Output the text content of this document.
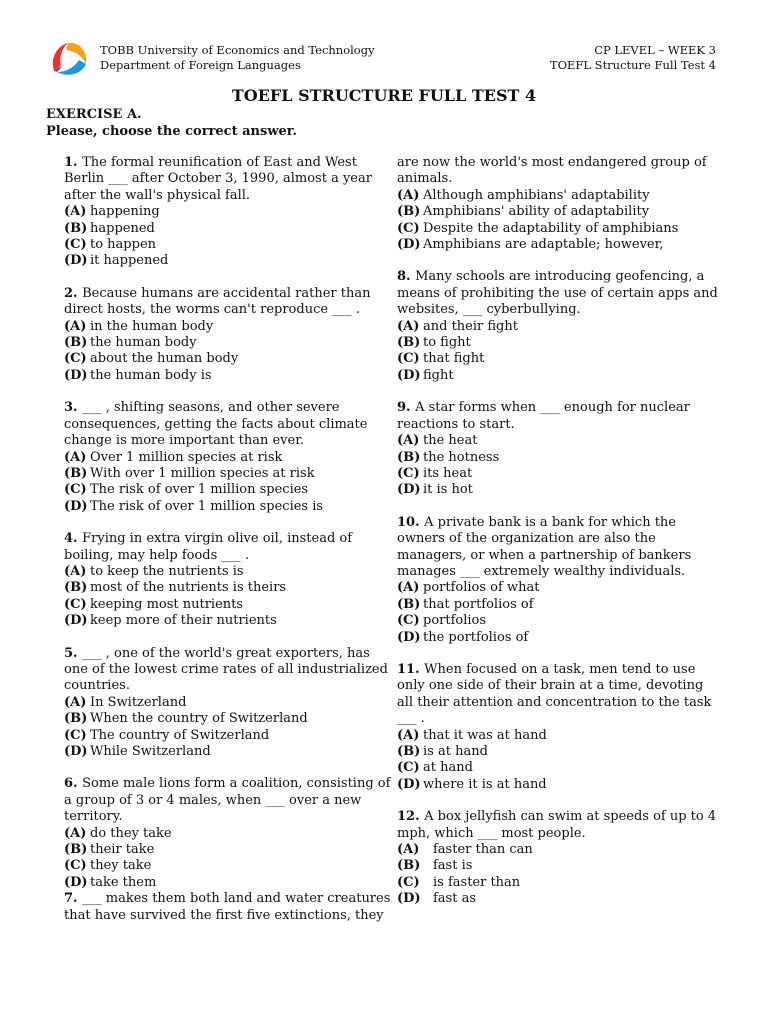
TOBB University of Economics and Technology
Department of Foreign Languages
CP LEVEL – WEEK 3
TOEFL Structure Full Test 4
TOEFL STRUCTURE FULL TEST 4
EXERCISE A.
Please, choose the correct answer.
1. The formal reunification of East and West Berlin ___ after October 3, 1990, almost a year after the wall's physical fall.
(A) happening
(B) happened
(C) to happen
(D) it happened
2. Because humans are accidental rather than direct hosts, the worms can't reproduce ___ .
(A) in the human body
(B) the human body
(C) about the human body
(D) the human body is
3. ___ , shifting seasons, and other severe consequences, getting the facts about climate change is more important than ever.
(A) Over 1 million species at risk
(B) With over 1 million species at risk
(C) The risk of over 1 million species
(D) The risk of over 1 million species is
4. Frying in extra virgin olive oil, instead of boiling, may help foods ___ .
(A) to keep the nutrients is
(B) most of the nutrients is theirs
(C) keeping most nutrients
(D) keep more of their nutrients
5. ___ , one of the world's great exporters, has one of the lowest crime rates of all industrialized countries.
(A) In Switzerland
(B) When the country of Switzerland
(C) The country of Switzerland
(D) While Switzerland
6. Some male lions form a coalition, consisting of a group of 3 or 4 males, when ___ over a new territory.
(A) do they take
(B) their take
(C) they take
(D) take them
7. ___ makes them both land and water creatures that have survived the first five extinctions, they
are now the world's most endangered group of animals.
(A) Although amphibians' adaptability
(B) Amphibians' ability of adaptability
(C) Despite the adaptability of amphibians
(D) Amphibians are adaptable; however,
8. Many schools are introducing geofencing, a means of prohibiting the use of certain apps and websites, ___ cyberbullying.
(A) and their fight
(B) to fight
(C) that fight
(D) fight
9. A star forms when ___ enough for nuclear reactions to start.
(A) the heat
(B) the hotness
(C) its heat
(D) it is hot
10. A private bank is a bank for which the owners of the organization are also the managers, or when a partnership of bankers manages ___ extremely wealthy individuals.
(A) portfolios of what
(B) that portfolios of
(C) portfolios
(D) the portfolios of
11. When focused on a task, men tend to use only one side of their brain at a time, devoting all their attention and concentration to the task ___ .
(A) that it was at hand
(B) is at hand
(C) at hand
(D) where it is at hand
12. A box jellyfish can swim at speeds of up to 4 mph, which ___ most people.
(A) faster than can
(B) fast is
(C) is faster than
(D) fast as
